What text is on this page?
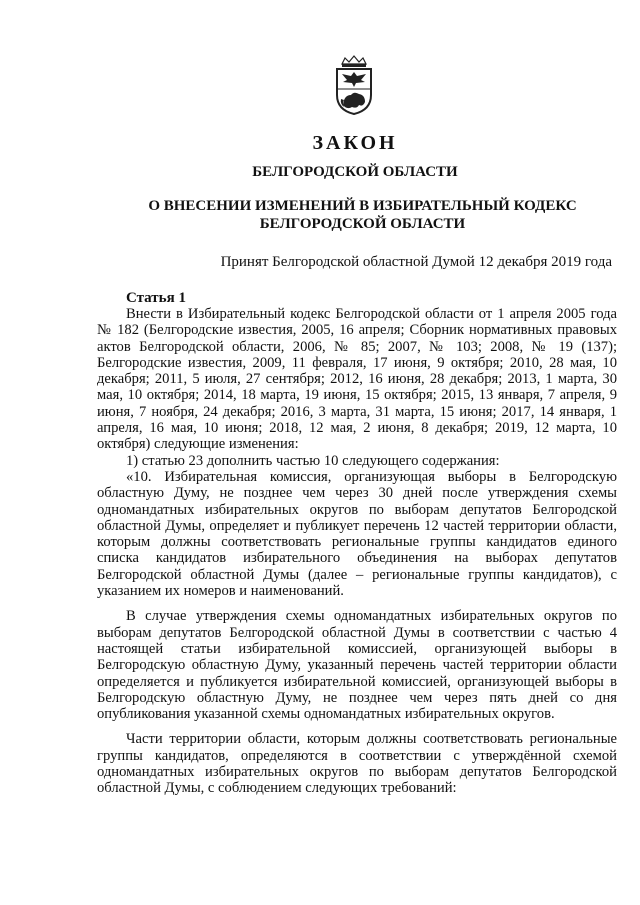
ЗАКОН
БЕЛГОРОДСКОЙ ОБЛАСТИ
О ВНЕСЕНИИ ИЗМЕНЕНИЙ В ИЗБИРАТЕЛЬНЫЙ КОДЕКС БЕЛГОРОДСКОЙ ОБЛАСТИ
Принят Белгородской областной Думой 12 декабря 2019 года
Статья 1

Внести в Избирательный кодекс Белгородской области от 1 апреля 2005 года № 182 (Белгородские известия, 2005, 16 апреля; Сборник нормативных правовых актов Белгородской области, 2006, № 85; 2007, № 103; 2008, № 19 (137); Белгородские известия, 2009, 11 февраля, 17 июня, 9 октября; 2010, 28 мая, 10 декабря; 2011, 5 июля, 27 сентября; 2012, 16 июня, 28 декабря; 2013, 1 марта, 30 мая, 10 октября; 2014, 18 марта, 19 июня, 15 октября; 2015, 13 января, 7 апреля, 9 июня, 7 ноября, 24 декабря; 2016, 3 марта, 31 марта, 15 июня; 2017, 14 января, 1 апреля, 16 мая, 10 июня; 2018, 12 мая, 2 июня, 8 декабря; 2019, 12 марта, 10 октября) следующие изменения:

1) статью 23 дополнить частью 10 следующего содержания:

«10. Избирательная комиссия, организующая выборы в Белгородскую областную Думу, не позднее чем через 30 дней после утверждения схемы одномандатных избирательных округов по выборам депутатов Белгородской областной Думы, определяет и публикует перечень 12 частей территории области, которым должны соответствовать региональные группы кандидатов единого списка кандидатов избирательного объединения на выборах депутатов Белгородской областной Думы (далее – региональные группы кандидатов), с указанием их номеров и наименований.

В случае утверждения схемы одномандатных избирательных округов по выборам депутатов Белгородской областной Думы в соответствии с частью 4 настоящей статьи избирательной комиссией, организующей выборы в Белгородскую областную Думу, указанный перечень частей территории области определяется и публикуется избирательной комиссией, организующей выборы в Белгородскую областную Думу, не позднее чем через пять дней со дня опубликования указанной схемы одномандатных избирательных округов.

Части территории области, которым должны соответствовать региональные группы кандидатов, определяются в соответствии с утверждённой схемой одномандатных избирательных округов по выборам депутатов Белгородской областной Думы, с соблюдением следующих требований:
